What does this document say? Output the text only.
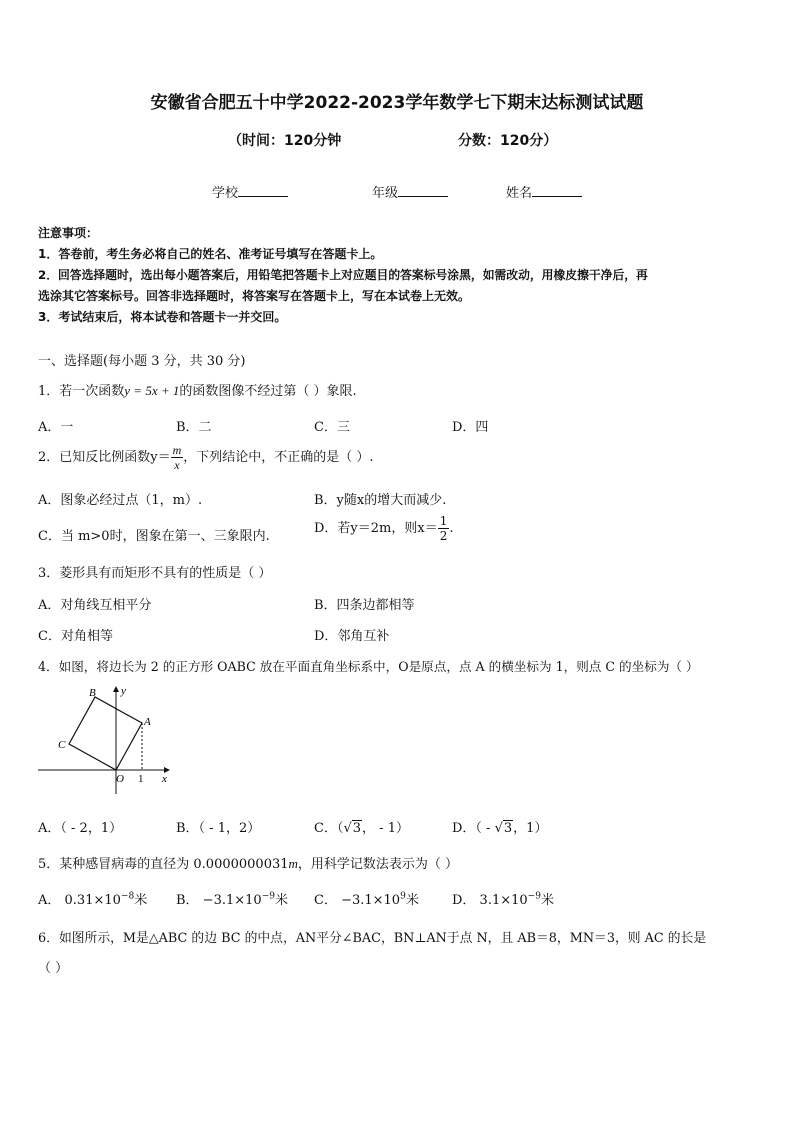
安徽省合肥五十中学2022-2023学年数学七下期末达标测试试题
（时间：120分钟	分数：120分）
学校	年级	姓名
注意事项：
1．答卷前，考生务必将自己的姓名、准考证号填写在答题卡上。
2．回答选择题时，选出每小题答案后，用铅笔把答题卡上对应题目的答案标号涂黑，如需改动，用橡皮擦干净后，再
选涂其它答案标号。回答非选择题时，将答案写在答题卡上，写在本试卷上无效。
3．考试结束后，将本试卷和答题卡一并交回。
一、选择题(每小题 3 分，共 30 分)
1．若一次函数y = 5x + 1的函数图像不经过第（ ）象限.
A．一	B．二	C．三	D．四
2．已知反比例函数$y= \frac{m}{x}$ ，下列结论中，不正确的是（ ）.
A．图象必经过点（1，m）.	B．y随x的增大而减少.
C．当 m>0时，图象在第一、三象限内.
D．若y＝2m，则$x= \frac{1}{2}$ .
3．菱形具有而矩形不具有的性质是（ ）
A．对角线互相平分	B．四条边都相等
C．对角相等	D．邻角互补
4．如图，将边长为 2 的正方形 OABC 放在平面直角坐标系中，O是原点，点 A 的横坐标为 1，则点 C 的坐标为（ ）
B y
A
C
O 1 x
A．（ - 2，1）	B．（ - 1，2）	C．（√3， - 1）	D．（ - √3，1）
5．某种感冒病毒的直径为 0.0000000031m，用科学记数法表示为（ ）
A． $0.31\times 10^{-8}$米 B． $-3.1\times 10^{-9}$米 C． $-3.1\times 10^9$米	D． $3.1\times 10^{-9}$米
6．如图所示，M是△ABC 的边 BC 的中点，AN平分∠BAC，BN⊥AN于点 N，且 AB＝8，MN＝3，则 AC 的长是
（ ）
